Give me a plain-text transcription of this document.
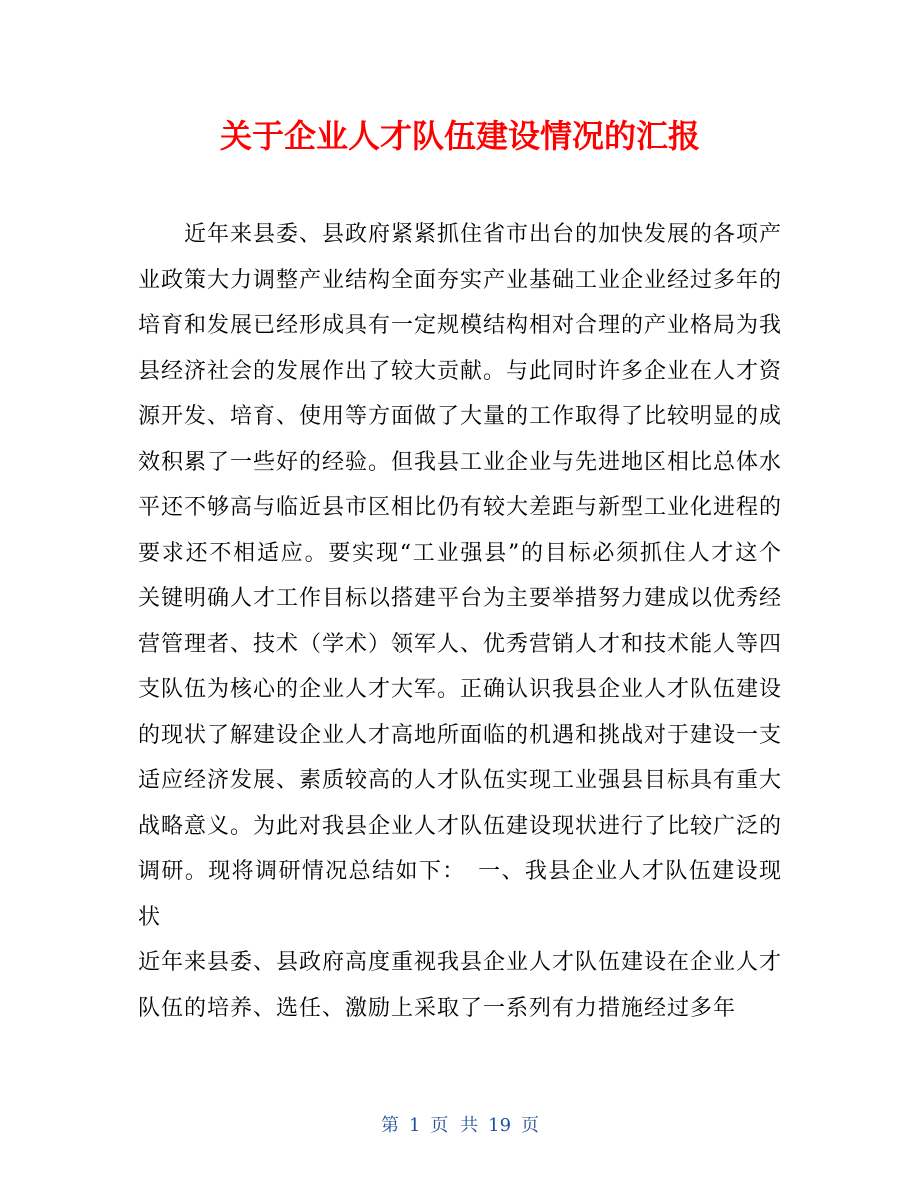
关于企业人才队伍建设情况的汇报

近年来县委、县政府紧紧抓住省市出台的加快发展的各项产业政策大力调整产业结构全面夯实产业基础工业企业经过多年的培育和发展已经形成具有一定规模结构相对合理的产业格局为我县经济社会的发展作出了较大贡献。与此同时许多企业在人才资源开发、培育、使用等方面做了大量的工作取得了比较明显的成效积累了一些好的经验。但我县工业企业与先进地区相比总体水平还不够高与临近县市区相比仍有较大差距与新型工业化进程的要求还不相适应。要实现“工业强县”的目标必须抓住人才这个关键明确人才工作目标以搭建平台为主要举措努力建成以优秀经营管理者、技术（学术）领军人、优秀营销人才和技术能人等四支队伍为核心的企业人才大军。正确认识我县企业人才队伍建设的现状了解建设企业人才高地所面临的机遇和挑战对于建设一支适应经济发展、素质较高的人才队伍实现工业强县目标具有重大战略意义。为此对我县企业人才队伍建设现状进行了比较广泛的调研。现将调研情况总结如下：　一、我县企业人才队伍建设现状

近年来县委、县政府高度重视我县企业人才队伍建设在企业人才队伍的培养、选任、激励上采取了一系列有力措施经过多年

第 1 页 共 19 页
